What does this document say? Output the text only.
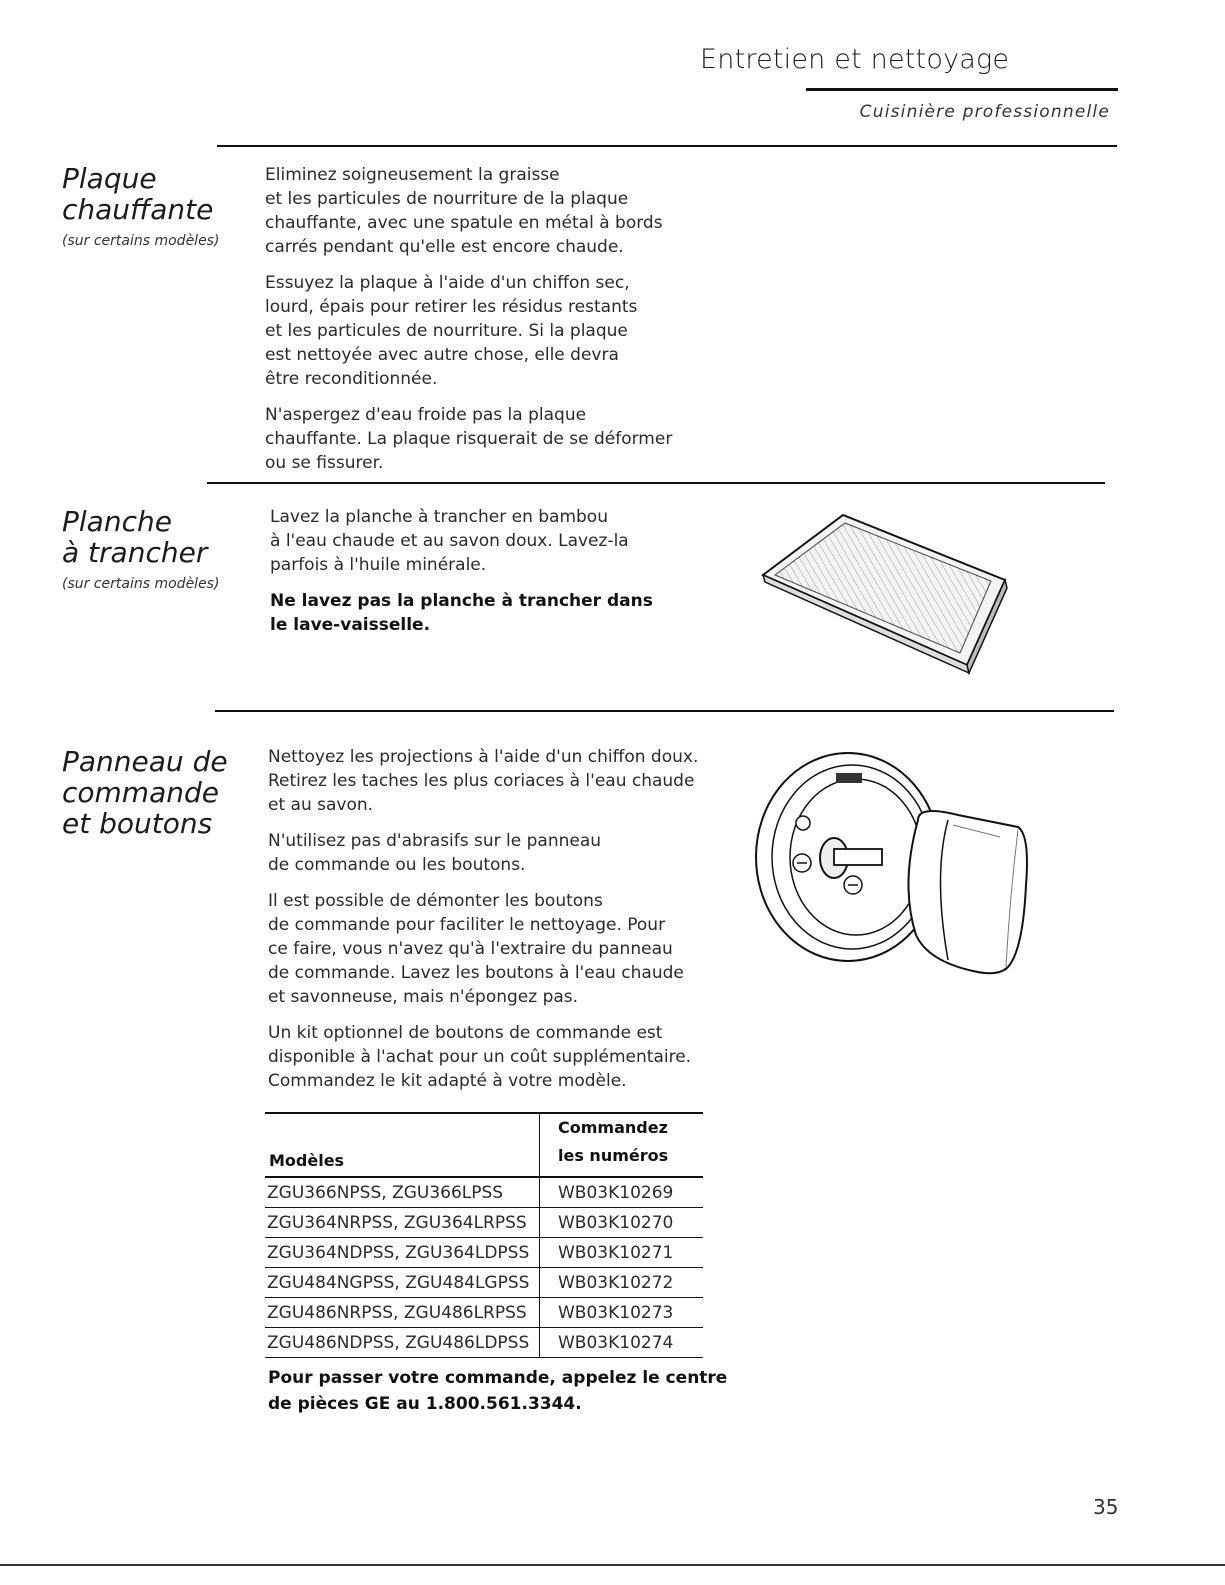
Entretien et nettoyage
Cuisinière professionnelle
Plaque
chauffante
(sur certains modèles)

Eliminez soigneusement la graisse
et les particules de nourriture de la plaque
chauffante, avec une spatule en métal à bords
carrés pendant qu'elle est encore chaude.

Essuyez la plaque à l'aide d'un chiffon sec,
lourd, épais pour retirer les résidus restants
et les particules de nourriture. Si la plaque
est nettoyée avec autre chose, elle devra
être reconditionnée.

N'aspergez d'eau froide pas la plaque
chauffante. La plaque risquerait de se déformer
ou se fissurer.

Planche
à trancher
(sur certains modèles)

Lavez la planche à trancher en bambou
à l'eau chaude et au savon doux. Lavez-la
parfois à l'huile minérale.

Ne lavez pas la planche à trancher dans
le lave-vaisselle.

Panneau de
commande
et boutons

Nettoyez les projections à l'aide d'un chiffon doux.
Retirez les taches les plus coriaces à l'eau chaude
et au savon.

N'utilisez pas d'abrasifs sur le panneau
de commande ou les boutons.

Il est possible de démonter les boutons
de commande pour faciliter le nettoyage. Pour
ce faire, vous n'avez qu'à l'extraire du panneau
de commande. Lavez les boutons à l'eau chaude
et savonneuse, mais n'épongez pas.

Un kit optionnel de boutons de commande est
disponible à l'achat pour un coût supplémentaire.
Commandez le kit adapté à votre modèle.

Modèles	Commandez
les numéros
ZGU366NPSS, ZGU366LPSS	WB03K10269
ZGU364NRPSS, ZGU364LRPSS	WB03K10270
ZGU364NDPSS, ZGU364LDPSS	WB03K10271
ZGU484NGPSS, ZGU484LGPSS	WB03K10272
ZGU486NRPSS, ZGU486LRPSS	WB03K10273
ZGU486NDPSS, ZGU486LDPSS	WB03K10274
Pour passer votre commande, appelez le centre
de pièces GE au 1.800.561.3344.
35
